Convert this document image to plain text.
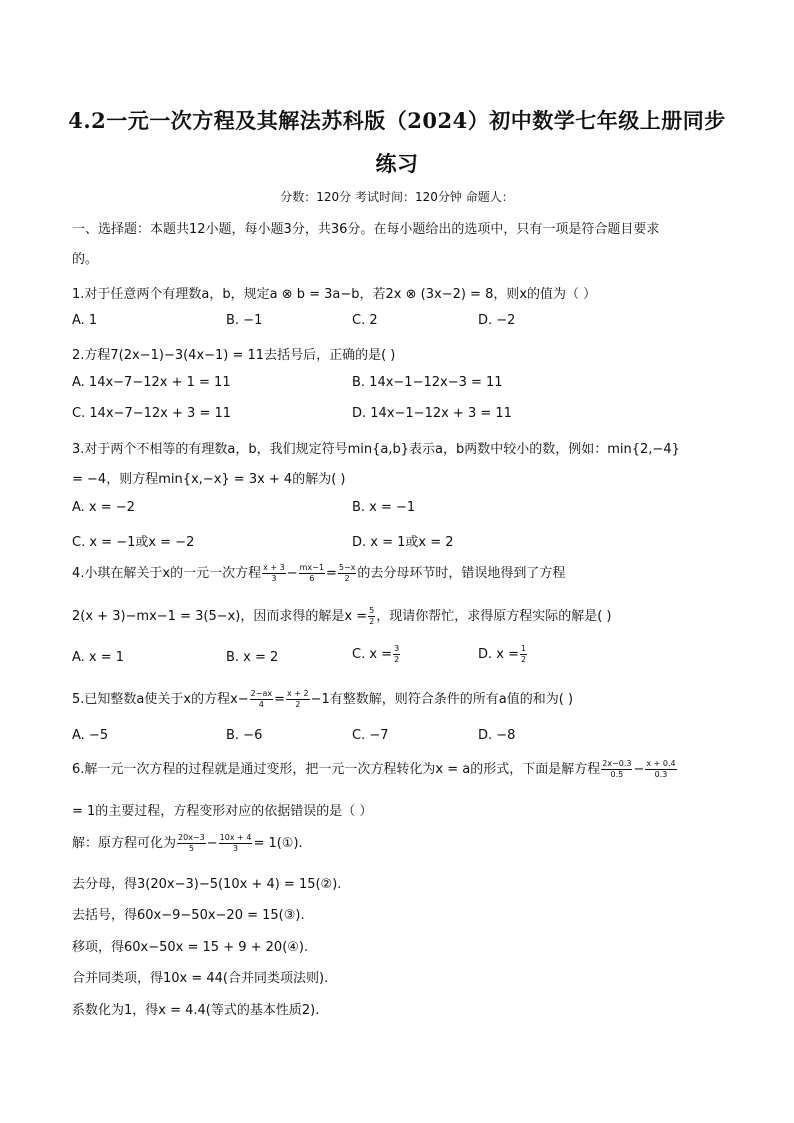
4.2一元一次方程及其解法苏科版（2024）初中数学七年级上册同步
练习
分数：120分 考试时间：120分钟 命题人：
一、选择题：本题共12小题，每小题3分，共36分。在每小题给出的选项中，只有一项是符合题目要求
的。
1.对于任意两个有理数a，b，规定a ⊗ b = 3a−b，若2x ⊗ (3x−2) = 8，则x的值为（ ）
A. 1	B. −1	C. 2	D. −2
2.方程7(2x−1)−3(4x−1) = 11去括号后，正确的是( )
A. 14x−7−12x + 1 = 11	B. 14x−1−12x−3 = 11
C. 14x−7−12x + 3 = 11	D. 14x−1−12x + 3 = 11
3.对于两个不相等的有理数a，b，我们规定符号min{a,b}表示a，b两数中较小的数，例如：min{2,−4}
= −4，则方程min{x,−x} = 3x + 4的解为( )
A. x = −2	B. x = −1
C. x = −1或x = −2	D. x = 1或x = 2
4.小琪在解关于x的一元一次方程 $\frac{x + 3}{3} - \frac{mx-1}{6} = \frac{5-x}{2}$ 的去分母环节时，错误地得到了方程
2(x + 3)−mx−1 = 3(5−x)，因而求得的解是$x = \frac{5}{2}$ ，现请你帮忙，求得原方程实际的解是( )
A. x = 1	B. x = 2	C. $x = \frac{3}{2}$	D. $x = \frac{1}{2}$
5.已知整数a使关于x的方程$x- \frac{2-ax}{4} = \frac{x + 2}{2} -1$有整数解，则符合条件的所有a值的和为( )
A. −5	B. −6	C. −7	D. −8
6.解一元一次方程的过程就是通过变形，把一元一次方程转化为x = a的形式，下面是解方程 $\frac{2x-0.3}{0.5} - \frac{x + 0.4}{0.3}$
= 1的主要过程，方程变形对应的依据错误的是（ ）
解：原方程可化为 $\frac{20x-3}{5} - \frac{10x + 4}{3}$ = 1(①).
去分母，得3(20x−3)−5(10x + 4) = 15(②).
去括号，得60x−9−50x−20 = 15(③).
移项，得60x−50x = 15 + 9 + 20(④).
合并同类项，得10x = 44(合并同类项法则).
系数化为1，得x = 4.4(等式的基本性质2).
